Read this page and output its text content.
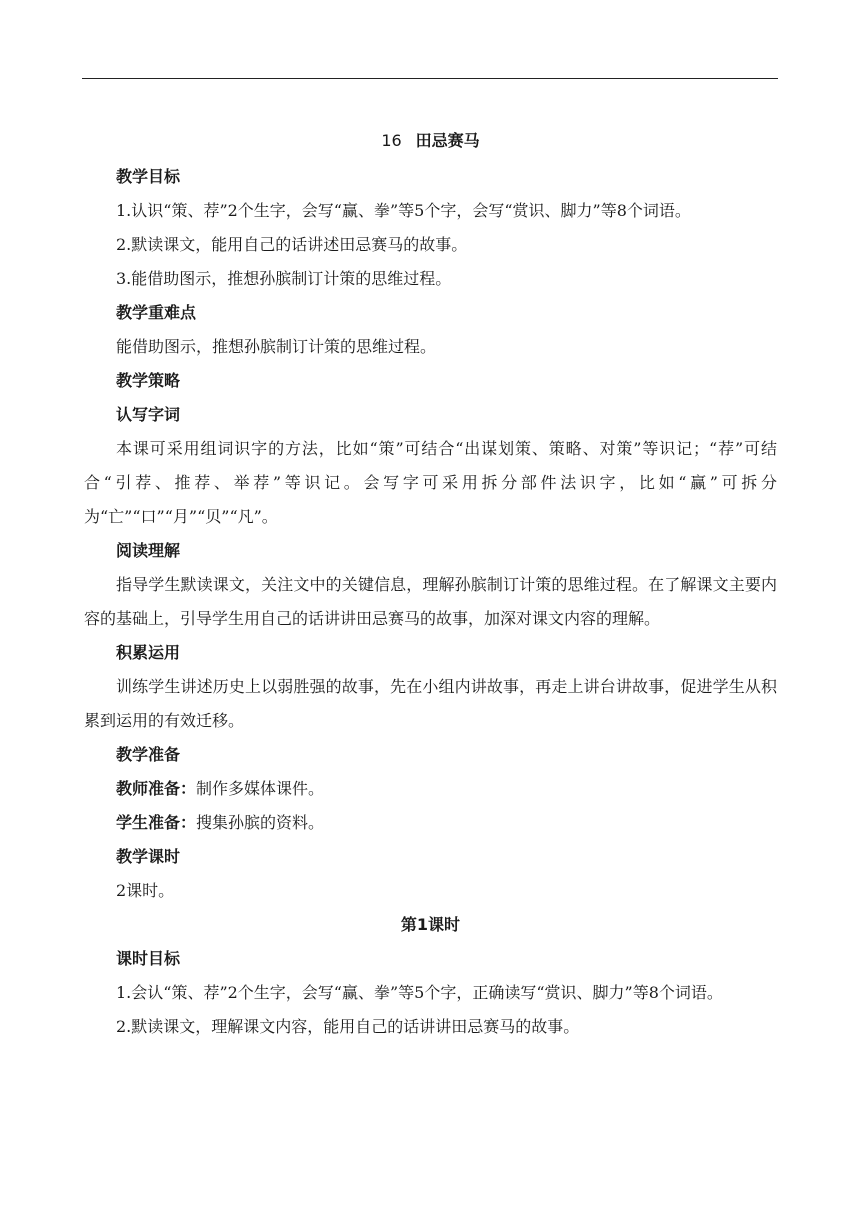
16 田忌赛马

教学目标

1.认识“策、荐”2个生字，会写“赢、拳”等5个字，会写“赏识、脚力”等8个词语。

2.默读课文，能用自己的话讲述田忌赛马的故事。

3.能借助图示，推想孙膑制订计策的思维过程。

教学重难点

能借助图示，推想孙膑制订计策的思维过程。

教学策略

认写字词

本课可采用组词识字的方法，比如“策”可结合“出谋划策、策略、对策”等识记；“荐”可结合“引荐、推荐、举荐”等识记。会写字可采用拆分部件法识字，比如“赢”可拆分为“亡”“口”“月”“贝”“凡”。

阅读理解

指导学生默读课文，关注文中的关键信息，理解孙膑制订计策的思维过程。在了解课文主要内容的基础上，引导学生用自己的话讲讲田忌赛马的故事，加深对课文内容的理解。

积累运用

训练学生讲述历史上以弱胜强的故事，先在小组内讲故事，再走上讲台讲故事，促进学生从积累到运用的有效迁移。

教学准备

教师准备：制作多媒体课件。

学生准备：搜集孙膑的资料。

教学课时

2课时。

第1课时

课时目标

1.会认“策、荐”2个生字，会写“赢、拳”等5个字，正确读写“赏识、脚力”等8个词语。

2.默读课文，理解课文内容，能用自己的话讲讲田忌赛马的故事。
